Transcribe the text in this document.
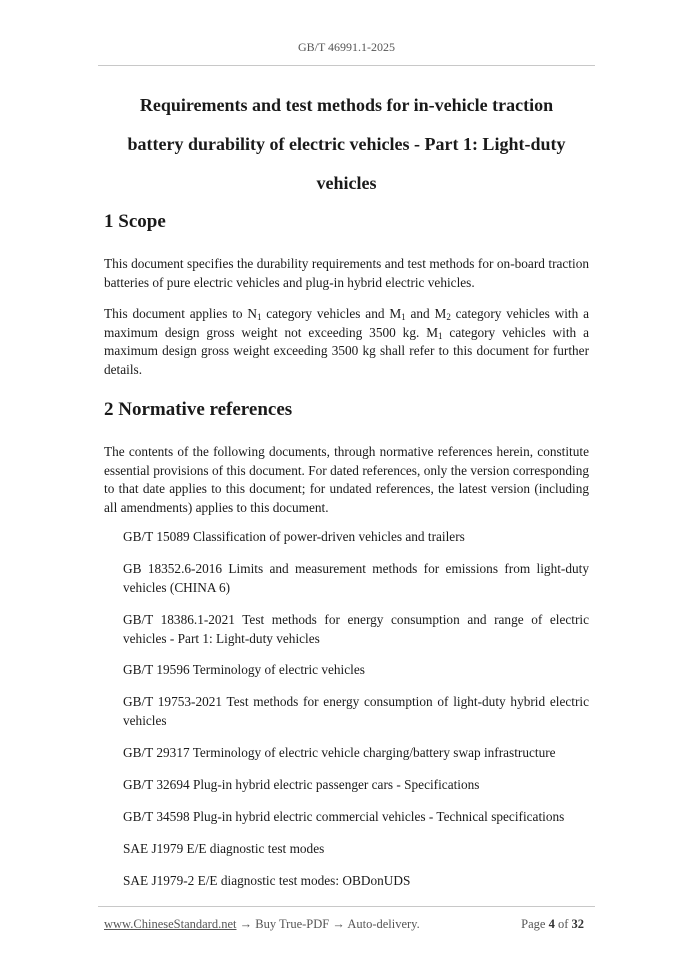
GB/T 46991.1-2025
Requirements and test methods for in-vehicle traction
battery durability of electric vehicles - Part 1: Light-duty
vehicles
1 Scope

This document specifies the durability requirements and test methods for on-board traction batteries of pure electric vehicles and plug-in hybrid electric vehicles.

This document applies to $N_1$ category vehicles and $M_1$ and $M_2$ category vehicles with a maximum design gross weight not exceeding 3500 kg. $M_1$ category vehicles with a maximum design gross weight exceeding 3500 kg shall refer to this document for further details.

2 Normative references

The contents of the following documents, through normative references herein, constitute essential provisions of this document. For dated references, only the version corresponding to that date applies to this document; for undated references, the latest version (including all amendments) applies to this document.

GB/T 15089 Classification of power-driven vehicles and trailers

GB 18352.6-2016 Limits and measurement methods for emissions from light-duty vehicles (CHINA 6)

GB/T 18386.1-2021 Test methods for energy consumption and range of electric vehicles - Part 1: Light-duty vehicles

GB/T 19596 Terminology of electric vehicles

GB/T 19753-2021 Test methods for energy consumption of light-duty hybrid electric vehicles

GB/T 29317 Terminology of electric vehicle charging/battery swap infrastructure

GB/T 32694 Plug-in hybrid electric passenger cars - Specifications

GB/T 34598 Plug-in hybrid electric commercial vehicles - Technical specifications

SAE J1979 E/E diagnostic test modes

SAE J1979-2 E/E diagnostic test modes: OBDonUDS

www.ChineseStandard.net → Buy True-PDF → Auto-delivery.	Page 4 of 32
